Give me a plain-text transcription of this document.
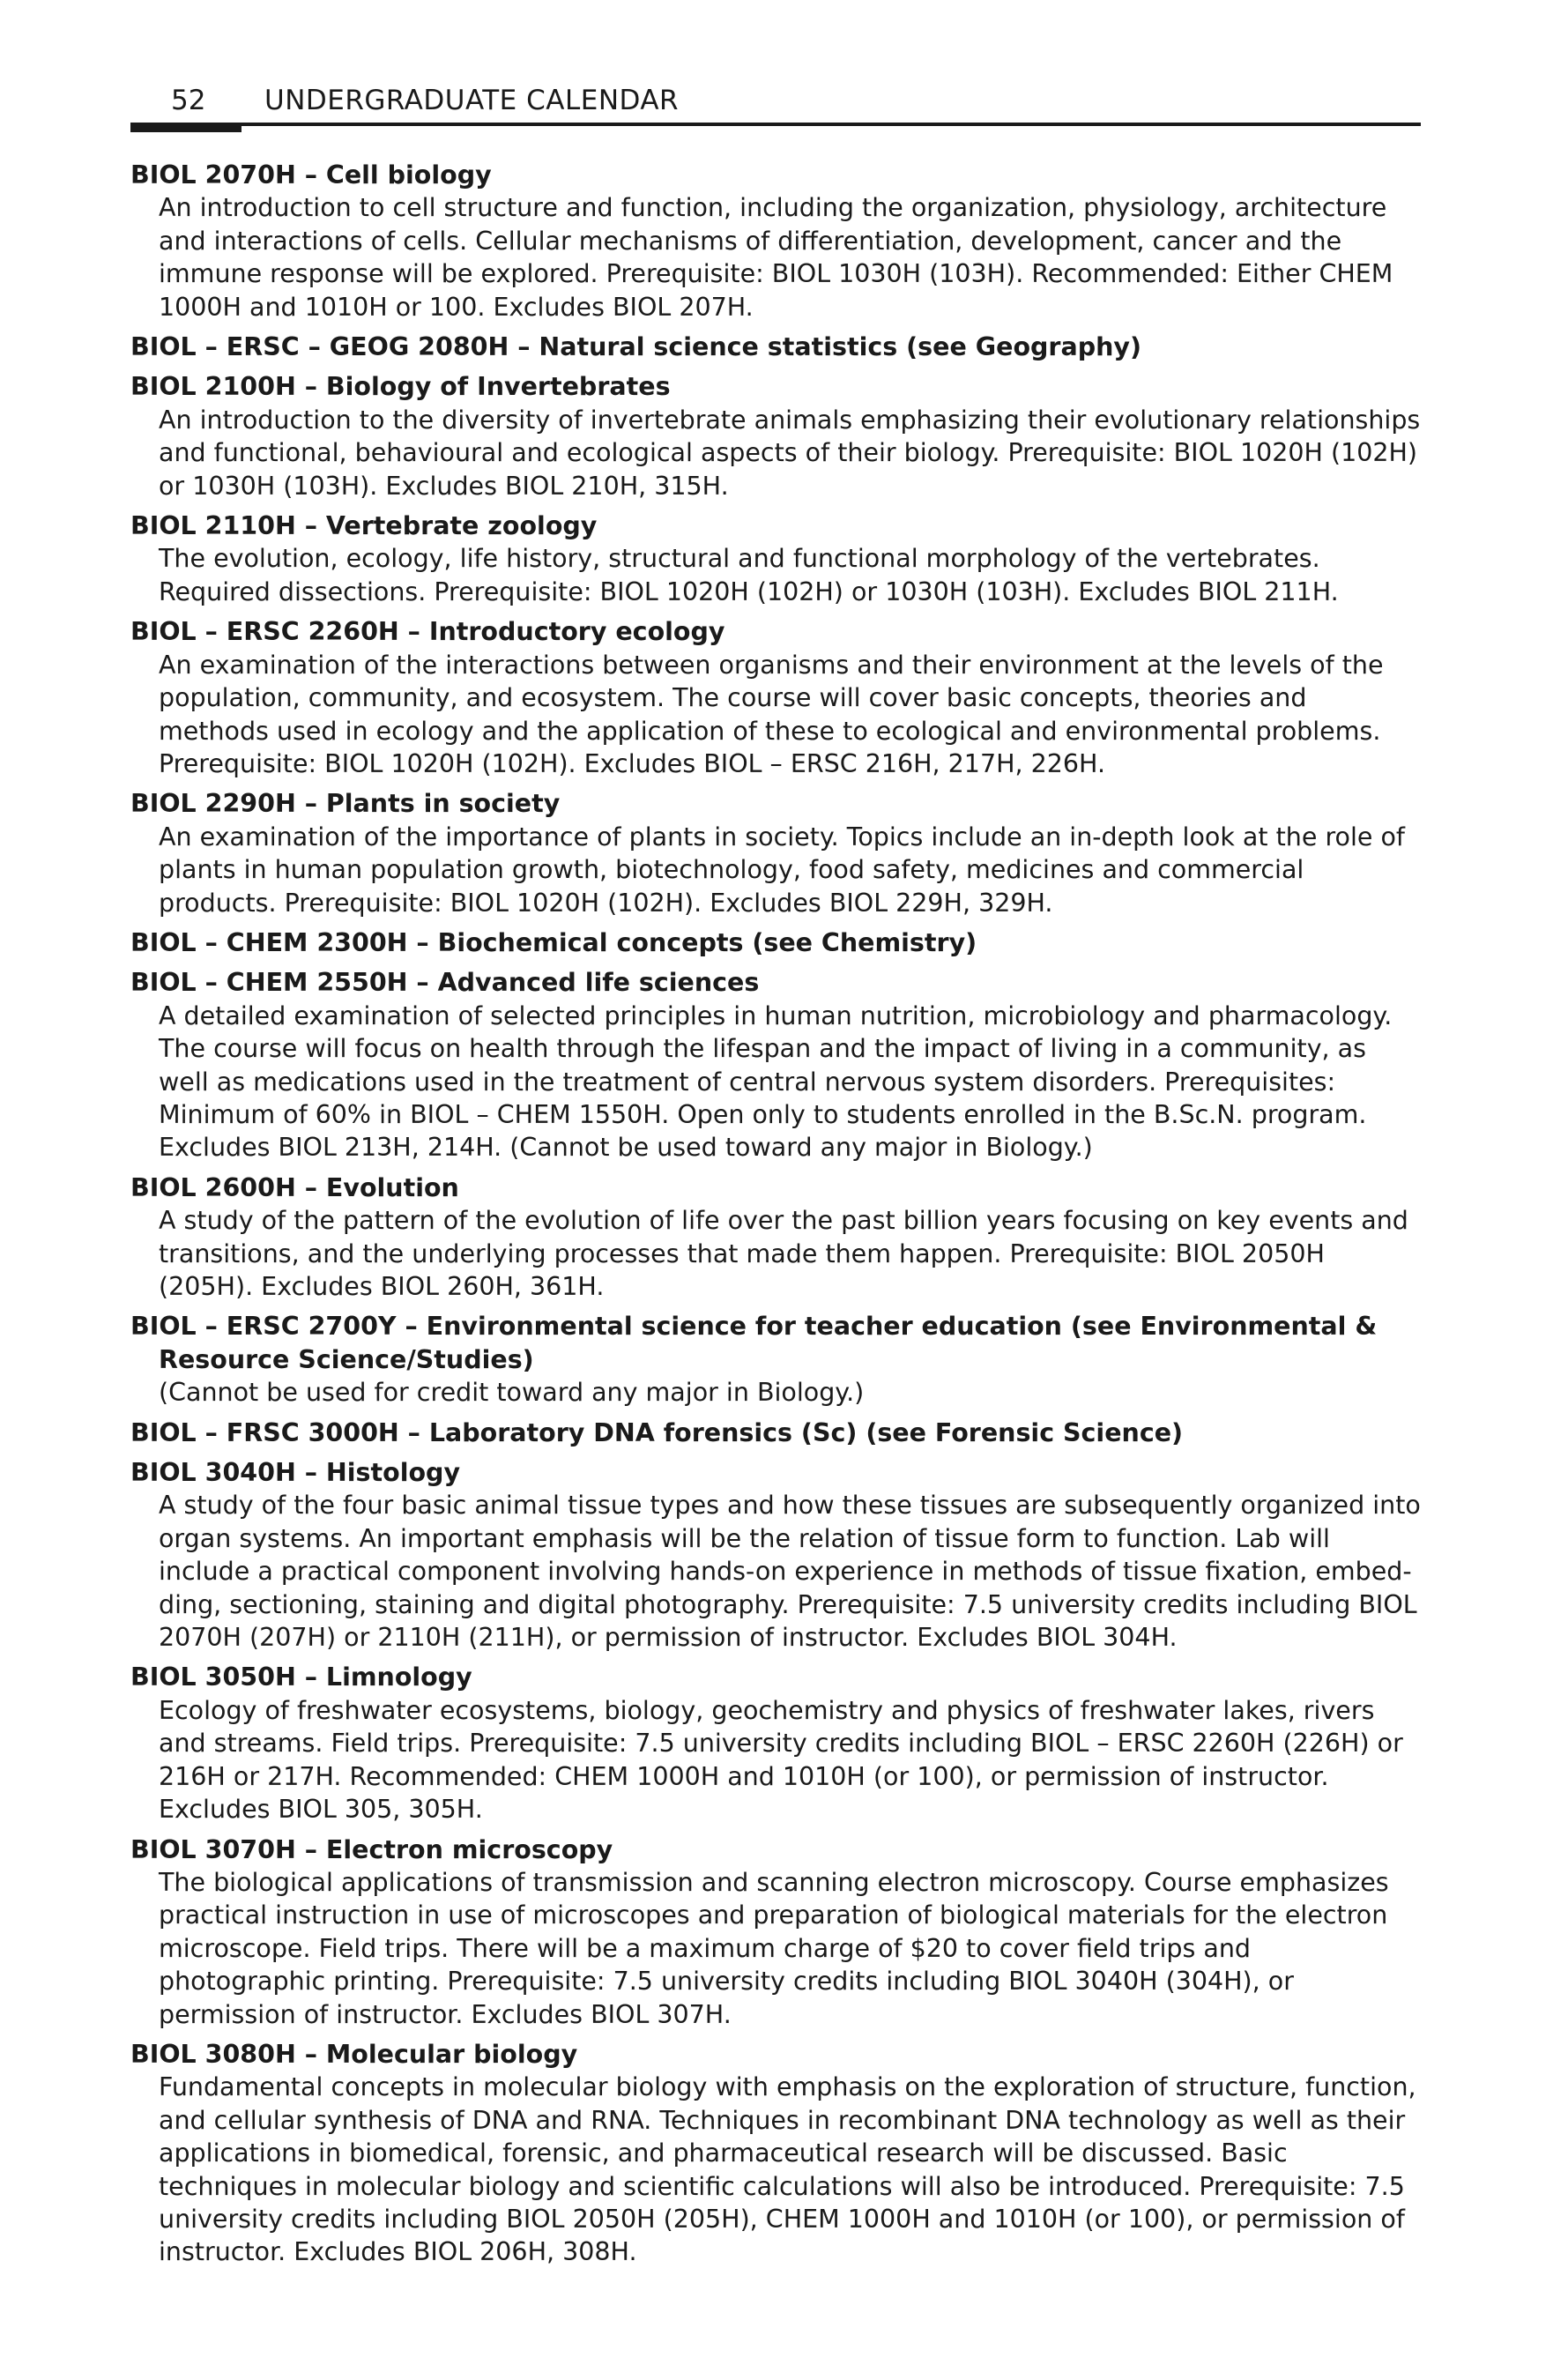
52 UNDERGRADUATE CALENDAR
BIOL 2070H – Cell biology
An introduction to cell structure and function, including the organization, physiology, architecture and interactions of cells. Cellular mechanisms of differentiation, development, cancer and the immune response will be explored. Prerequisite: BIOL 1030H (103H). Recommended: Either CHEM 1000H and 1010H or 100. Excludes BIOL 207H.
BIOL – ERSC – GEOG 2080H – Natural science statistics (see Geography)
BIOL 2100H – Biology of Invertebrates
An introduction to the diversity of invertebrate animals emphasizing their evolutionary relationships and functional, behavioural and ecological aspects of their biology. Prerequisite: BIOL 1020H (102H) or 1030H (103H). Excludes BIOL 210H, 315H.
BIOL 2110H – Vertebrate zoology
The evolution, ecology, life history, structural and functional morphology of the vertebrates. Required dissections. Prerequisite: BIOL 1020H (102H) or 1030H (103H). Excludes BIOL 211H.
BIOL – ERSC 2260H – Introductory ecology
An examination of the interactions between organisms and their environment at the levels of the population, community, and ecosystem. The course will cover basic concepts, theories and methods used in ecology and the application of these to ecological and environmental problems. Prerequisite: BIOL 1020H (102H). Excludes BIOL – ERSC 216H, 217H, 226H.
BIOL 2290H – Plants in society
An examination of the importance of plants in society. Topics include an in-depth look at the role of plants in human population growth, biotechnology, food safety, medicines and commercial products. Prerequisite: BIOL 1020H (102H). Excludes BIOL 229H, 329H.
BIOL – CHEM 2300H – Biochemical concepts (see Chemistry)
BIOL – CHEM 2550H – Advanced life sciences
A detailed examination of selected principles in human nutrition, microbiology and pharmacology. The course will focus on health through the lifespan and the impact of living in a community, as well as medications used in the treatment of central nervous system disorders. Prerequisites: Minimum of 60% in BIOL – CHEM 1550H. Open only to students enrolled in the B.Sc.N. program. Excludes BIOL 213H, 214H. (Cannot be used toward any major in Biology.)
BIOL 2600H – Evolution
A study of the pattern of the evolution of life over the past billion years focusing on key events and transitions, and the underlying processes that made them happen. Prerequisite: BIOL 2050H (205H). Excludes BIOL 260H, 361H.
BIOL – ERSC 2700Y – Environmental science for teacher education (see Environmental & Resource Science/Studies)
(Cannot be used for credit toward any major in Biology.)
BIOL – FRSC 3000H – Laboratory DNA forensics (Sc) (see Forensic Science)
BIOL 3040H – Histology
A study of the four basic animal tissue types and how these tissues are subsequently organized into organ systems. An important emphasis will be the relation of tissue form to function. Lab will include a practical component involving hands-on experience in methods of tissue fixation, embed-ding, sectioning, staining and digital photography. Prerequisite: 7.5 university credits including BIOL 2070H (207H) or 2110H (211H), or permission of instructor. Excludes BIOL 304H.
BIOL 3050H – Limnology
Ecology of freshwater ecosystems, biology, geochemistry and physics of freshwater lakes, rivers and streams. Field trips. Prerequisite: 7.5 university credits including BIOL – ERSC 2260H (226H) or 216H or 217H. Recommended: CHEM 1000H and 1010H (or 100), or permission of instructor. Excludes BIOL 305, 305H.
BIOL 3070H – Electron microscopy
The biological applications of transmission and scanning electron microscopy. Course emphasizes practical instruction in use of microscopes and preparation of biological materials for the electron microscope. Field trips. There will be a maximum charge of $20 to cover field trips and photographic printing. Prerequisite: 7.5 university credits including BIOL 3040H (304H), or permission of instructor. Excludes BIOL 307H.
BIOL 3080H – Molecular biology
Fundamental concepts in molecular biology with emphasis on the exploration of structure, function, and cellular synthesis of DNA and RNA. Techniques in recombinant DNA technology as well as their applications in biomedical, forensic, and pharmaceutical research will be discussed. Basic techniques in molecular biology and scientific calculations will also be introduced. Prerequisite: 7.5 university credits including BIOL 2050H (205H), CHEM 1000H and 1010H (or 100), or permission of instructor. Excludes BIOL 206H, 308H.
